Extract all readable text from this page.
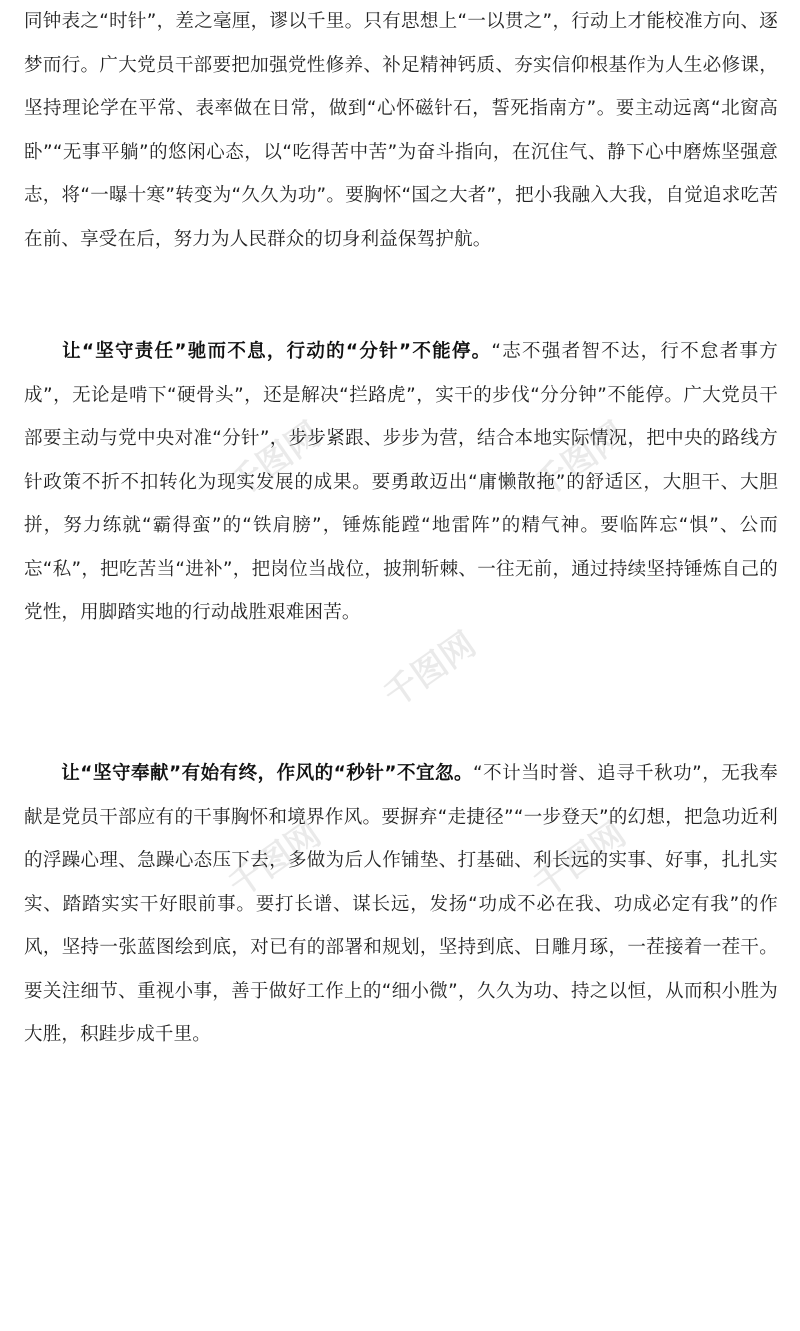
同钟表之“时针”，差之毫厘，谬以千里。只有思想上“一以贯之”，行动上才能校准方向、逐梦而行。广大党员干部要把加强党性修养、补足精神钙质、夯实信仰根基作为人生必修课，坚持理论学在平常、表率做在日常，做到“心怀磁针石，誓死指南方”。要主动远离“北窗高卧”“无事平躺”的悠闲心态，以“吃得苦中苦”为奋斗指向，在沉住气、静下心中磨炼坚强意志，将“一曝十寒”转变为“久久为功”。要胸怀“国之大者”，把小我融入大我，自觉追求吃苦在前、享受在后，努力为人民群众的切身利益保驾护航。

让“坚守责任”驰而不息，行动的“分针”不能停。“志不强者智不达，行不怠者事方成”，无论是啃下“硬骨头”，还是解决“拦路虎”，实干的步伐“分分钟”不能停。广大党员干部要主动与党中央对准“分针”，步步紧跟、步步为营，结合本地实际情况，把中央的路线方针政策不折不扣转化为现实发展的成果。要勇敢迈出“庸懒散拖”的舒适区，大胆干、大胆拼，努力练就“霸得蛮”的“铁肩膀”，锤炼能蹚“地雷阵”的精气神。要临阵忘“惧”、公而忘“私”，把吃苦当“进补”，把岗位当战位，披荆斩棘、一往无前，通过持续坚持锤炼自己的党性，用脚踏实地的行动战胜艰难困苦。

让“坚守奉献”有始有终，作风的“秒针”不宜忽。“不计当时誉、追寻千秋功”，无我奉献是党员干部应有的干事胸怀和境界作风。要摒弃“走捷径”“一步登天”的幻想，把急功近利的浮躁心理、急躁心态压下去，多做为后人作铺垫、打基础、利长远的实事、好事，扎扎实实、踏踏实实干好眼前事。要打长谱、谋长远，发扬“功成不必在我、功成必定有我”的作风，坚持一张蓝图绘到底，对已有的部署和规划，坚持到底、日雕月琢，一茬接着一茬干。要关注细节、重视小事，善于做好工作上的“细小微”，久久为功、持之以恒，从而积小胜为大胜，积跬步成千里。

千图网	千图网
千图网
千图网	千图网
